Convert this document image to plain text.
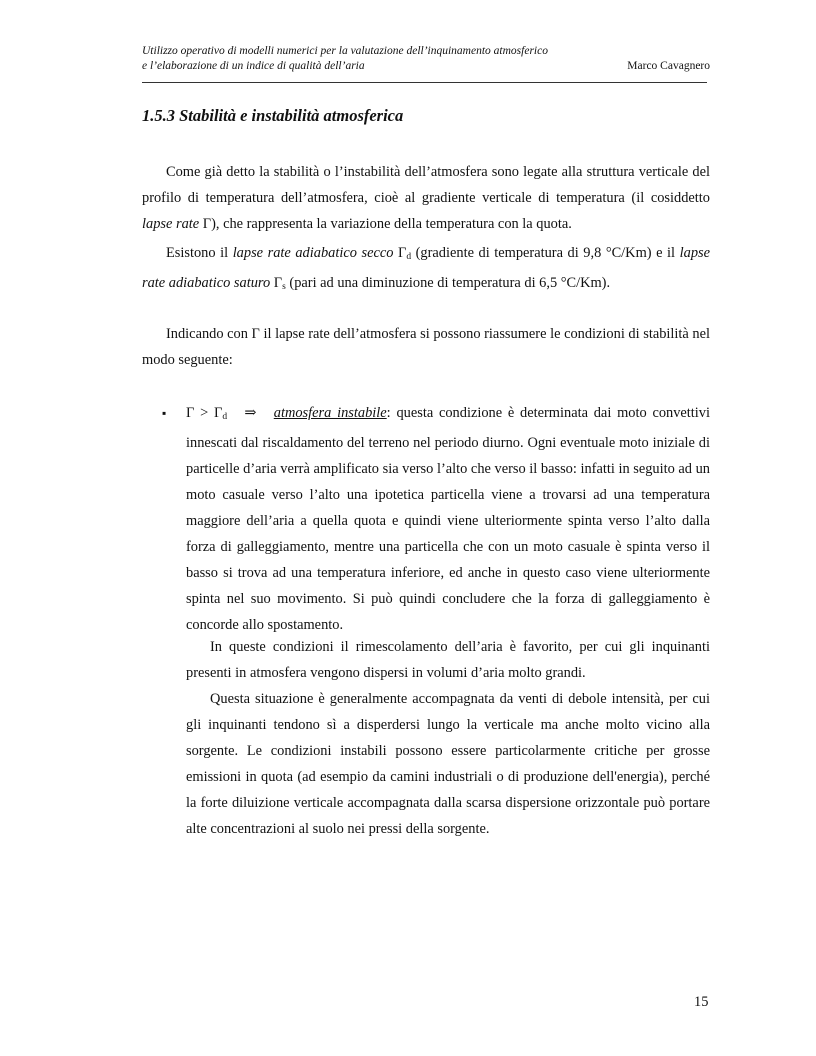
Utilizzo operativo di modelli numerici per la valutazione dell’inquinamento atmosferico
e l’elaborazione di un indice di qualità dell’aria	Marco Cavagnero
1.5.3 Stabilità e instabilità atmosferica

Come già detto la stabilità o l’instabilità dell’atmosfera sono legate alla struttura verticale del profilo di temperatura dell’atmosfera, cioè al gradiente verticale di temperatura (il cosiddetto lapse rate Γ), che rappresenta la variazione della temperatura con la quota.

Esistono il lapse rate adiabatico secco $\Gamma_d$ (gradiente di temperatura di 9,8 °C/Km) e il lapse rate adiabatico saturo $\Gamma_s$ (pari ad una diminuzione di temperatura di 6,5 °C/Km).

Indicando con Γ il lapse rate dell’atmosfera si possono riassumere le condizioni di stabilità nel modo seguente:

▪ $\Gamma > \Gamma_d$   ⇒   atmosfera instabile: questa condizione è determinata dai moto convettivi innescati dal riscaldamento del terreno nel periodo diurno. Ogni eventuale moto iniziale di particelle d’aria verrà amplificato sia verso l’alto che verso il basso: infatti in seguito ad un moto casuale verso l’alto una ipotetica particella viene a trovarsi ad una temperatura maggiore dell’aria a quella quota e quindi viene ulteriormente spinta verso l’alto dalla forza di galleggiamento, mentre una particella che con un moto casuale è spinta verso il basso si trova ad una temperatura inferiore, ed anche in questo caso viene ulteriormente spinta nel suo movimento. Si può quindi concludere che la forza di galleggiamento è concorde allo spostamento.

In queste condizioni il rimescolamento dell’aria è favorito, per cui gli inquinanti presenti in atmosfera vengono dispersi in volumi d’aria molto grandi.

Questa situazione è generalmente accompagnata da venti di debole intensità, per cui gli inquinanti tendono sì a disperdersi lungo la verticale ma anche molto vicino alla sorgente. Le condizioni instabili possono essere particolarmente critiche per grosse emissioni in quota (ad esempio da camini industriali o di produzione dell'energia), perché la forte diluizione verticale accompagnata dalla scarsa dispersione orizzontale può portare alte concentrazioni al suolo nei pressi della sorgente.

15
